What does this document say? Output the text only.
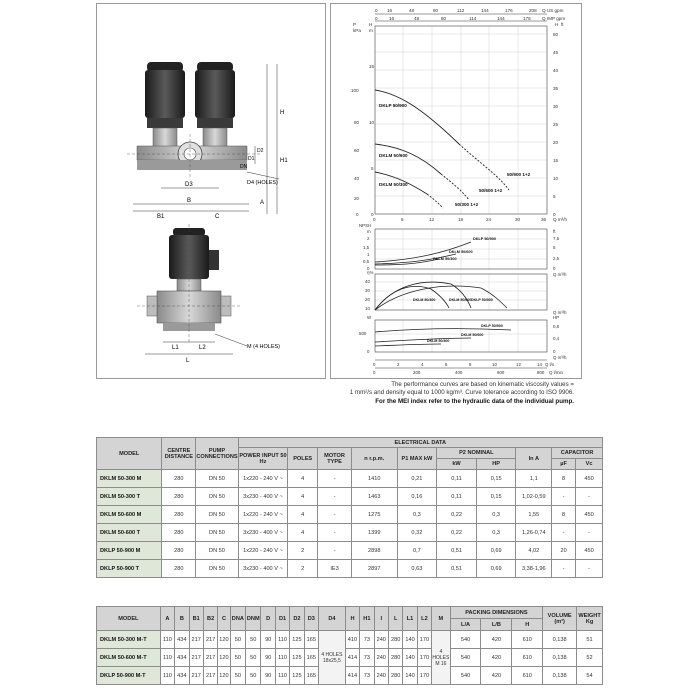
D3
B
B1	C
D2
D1
DN
H
H1
D4 (HOLES)
A
L1	L2
L
M (4 HOLES)
0 16	48	80	112	144	176	208 Q US gpm
0 16	48	80	114	144	176 Q IMP gpm
P
kPa
H
m
100
80
60
40
20
0
15
10
5
0
H ft
50
45
40
35
30
25
20
15
10
5
0
0	6	12	18	24	30	36 Q m³/h
DKLP 50/900
DKLM 50/600
DKLM 50/300
50/900 1+2
50/600 1+2
50/300 1+2
NPSH
m
2
1,5
1
0,5
0
ft
7,5
5
2,5
0
Q m³/h
DKLP 50/900
DKLM 50/600
DKLM 50/300
η%
40
30
20
10
Q m³/h
DKLM 50/300	DKLM 50/600 DKLP 50/900
W
500
0
HP
0,8
0,4
0
Q m³/h
DKLP 50/900
DKLM 50/600
DKLM 50/300
0	2	4	6	8	10	12	14 Q l/s
0	200	400	600	800 Q l/min
The performance curves are based on kinematic viscosity values =
1 mm²/s and density equal to 1000 kg/m³. Curve tolerance according to ISO 9906.
For the MEI index refer to the hydraulic data of the individual pump.
MODEL	CENTRE DISTANCE	PUMP CONNECTIONS	ELECTRICAL DATA									
			POWER INPUT 50 Hz	POLES	MOTOR TYPE	n r.p.m.	P1 MAX kW	P2 NOMINAL		In A	CAPACITOR	
								kW	HP		µF	Vc
DKLM 50-300 M	280	DN 50	1x220 - 240 V ~	4	-	1410	0,21	0,11	0,15	1,1	8	450
DKLM 50-300 T	280	DN 50	3x230 - 400 V ~	4	-	1463	0,16	0,11	0,15	1,02-0,59	-	-
DKLM 50-600 M	280	DN 50	1x220 - 240 V ~	4	-	1275	0,3	0,22	0,3	1,55	8	450
DKLM 50-600 T	280	DN 50	3x230 - 400 V ~	4	-	1399	0,32	0,22	0,3	1,26-0,74	-	-
DKLP 50-900 M	280	DN 50	1x220 - 240 V ~	2	-	2898	0,7	0,51	0,69	4,02	20	450
DKLP 50-900 T	280	DN 50	3x230 - 400 V ~	2	IE3	2897	0,63	0,51	0,69	3,38-1,96	-	-
MODEL	A	B	B1	B2	C	DNA	DNM	D	D1	D2	D3	D4	H	H1	I	L	L1	L2	M	PACKING DIMENSIONS			VOLUME (m³)	WEIGHT Kg
																				L/A	L/B	H		
DKLM 50-300 M-T	110	434	217	217	120	50	50	90	110	125	165	4 HOLES 18x25,5	410	73	240	280	140	170	4 HOLES M 16	540	420	610	0,138	51
DKLM 50-600 M-T	110	434	217	217	120	50	50	90	110	125	165		414	73	240	280	140	170		540	420	610	0,138	52
DKLP 50-900 M-T	110	434	217	217	120	50	50	90	110	125	165		414	73	240	280	140	170		540	420	610	0,138	54
